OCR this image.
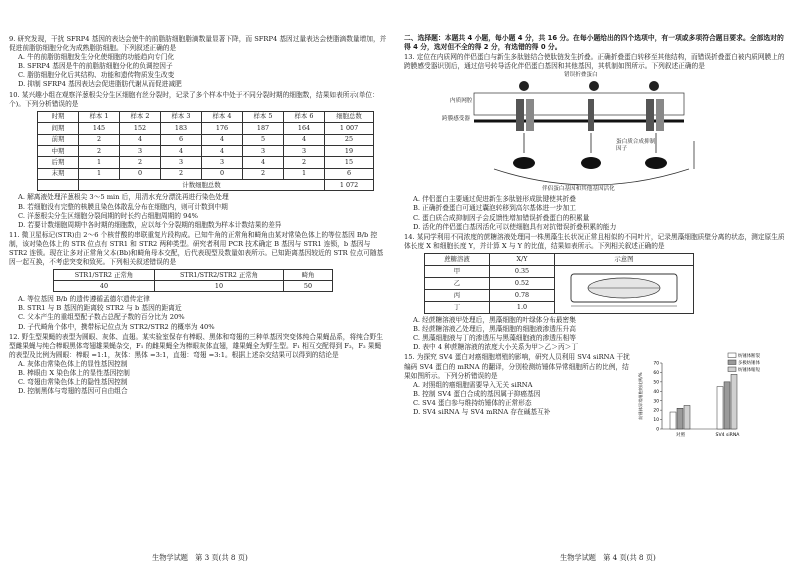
9. 研究发现，干扰 SFRP4 基因的表达会使牛的前脂肪细胞脂滴数量显著下降，而 SFRP4 基因过量表达会使脂滴数量增加，并促进前脂肪细胞分化为成熟脂肪细胞。下列叙述正确的是

A. 牛的前脂肪细胞发生分化使细胞的功能趋向专门化

B. SFRP4 基因是牛的前脂肪细胞分化的负调控因子

C. 脂肪细胞分化后其结构、功能和遗传物质发生改变

D. 抑制 SFRP4 基因表达会促进脂肪代谢从而促进减肥

10. 某兴趣小组在观察洋葱根尖分生区细胞有丝分裂时，记录了多个样本中处于不同分裂时期的细胞数，结果如表所示(单位：个)。下列分析错误的是

时期	样本 1	样本 2	样本 3	样本 4	样本 5	样本 6	细胞总数
间期	145	152	183	176	187	164	1 007
前期	2	4	6	4	5	4	25
中期	2	3	4	4	3	3	19
后期	1	2	3	3	4	2	15
末期	1	0	2	0	2	1	6
	计数细胞总数						1 072

A. 解离液处理洋葱根尖 3～5 min 后，用清水充分漂洗再进行染色处理

B. 若细胞没有完整的核膜且染色体散乱分布在细胞内，则可计数到中期

C. 洋葱根尖分生区细胞分裂间期的时长约占细胞周期的 94%

D. 若要计数细胞周期中各时期的细胞数，应以每个分裂期的细胞数为样本计数结果的差异

11. 微卫星标记(STR)由 2～6 个核苷酸的串联重复片段构成。已知牛角的正常角和畸角由某对常染色体上的等位基因 B/b 控制，该对染色体上的 STR 位点有 STR1 和 STR2 两种类型。研究者利用 PCR 技术确定 B 基因与 STR1 连锁，b 基因与 STR2 连锁。现在让多对正常角父本(Bb)和畸角母本交配，后代表现型及数量如表所示。已知距离基因较近的 STR 位点可随基因一起互换，不考虑突变和致死。下列相关叙述错误的是

STR1/STR2 正常角	STR1/STR2/STR2 正常角	畸角
40	10	50

A. 等位基因 B/b 的遗传遵循孟德尔遗传定律

B. STR1 与 B 基因的距离较 STR2 与 b 基因的距离近

C. 父本产生的重组型配子数占总配子数的百分比为 20%

D. 子代畸角个体中，携带标记位点为 STR2/STR2 的概率为 40%

12. 野生型果蝇的表型为圆眼、灰体、直翅。某实验室保存有棒眼、黑体和弯翅的三种单基因突变体纯合果蝇品系，将纯合野生型雌果蝇与纯合棒眼黑体弯翅雄果蝇杂交，F₁ 的雌果蝇全为棒眼灰体直翅，雄果蝇全为野生型。F₁ 相互交配得到 F₂，F₂ 果蝇的表型及比例为圆眼：棒眼 =1:1，灰体：黑体 =3:1，直翅：弯翅 =3:1。根据上述杂交结果可以得到的结论是

A. 灰体由常染色体上的显性基因控制

B. 棒眼由 X 染色体上的显性基因控制

C. 弯翅由常染色体上的隐性基因控制

D. 控制黑体与弯翅的基因可自由组合

二、选择题：本题共 4 小题，每小题 4 分，共 16 分。在每小题给出的四个选项中，有一项或多项符合题目要求。全部选对的得 4 分，选对但不全的得 2 分，有选错的得 0 分。

13. 定位在内质网的伴侣蛋白与新生多肽链结合使肽链发生折叠。正确折叠蛋白转移至其他结构，而错误折叠蛋白被内质网膜上的跨膜感受器识别后，通过信号转导活化伴侣蛋白基因和其他基因，其机制如图所示。下列叙述正确的是

错误折叠蛋白
内质网腔
跨膜感受器
蛋白质合成抑制因子
伴侣蛋白基因和其他基因活化

A. 伴侣蛋白主要通过促进新生多肽链形成肽键使其折叠

B. 正确折叠蛋白可通过囊泡转移到高尔基体进一步加工

C. 蛋白质合成抑制因子会反馈性增加错误折叠蛋白的积累量

D. 活化的伴侣蛋白基因活化可以使细胞具有对抗错误折叠积累的能力

14. 某同学利用不同浓度的蔗糖溶液处理同一株黑藻生长状况正常且相似的不同叶片，记录黑藻细胞质壁分离的状态，测定原生质体长度 X 和细胞长度 Y，并计算 X 与 Y 的比值，结果如表所示。下列相关叙述正确的是

蔗糖溶液	X/Y	示意图
甲	0.35	
乙	0.52	
丙	0.78	
丁	1.0	

A. 经蔗糖溶液甲处理后，黑藻细胞的叶绿体分布最密集

B. 经蔗糖溶液乙处理后，黑藻细胞的细胞液渗透压升高

C. 黑藻细胞液与丁的渗透压与黑藻细胞液的渗透压相等

D. 表中 4 种蔗糖溶液的浓度大小关系为甲＞乙＞丙＞丁

15. 为探究 SV4 蛋白对癌细胞增殖的影响，研究人员利用 SV4 siRNA 干扰编码 SV4 蛋白的 mRNA 的翻译，分别检测纺锤体异常细胞所占的比例，结果如图所示。下列分析错误的是

A. 对照组的癌细胞需要导入无关 siRNA

B. 控制 SV4 蛋白合成的基因属于抑癌基因

C. SV4 蛋白参与维持纺锤体的正常形态

D. SV4 siRNA 与 SV4 mRNA 存在碱基互补

0
10
20
30
40
50
60
70
纺锤体异常细胞的比例/%
对照	SV4 siRNA
纺锤体断裂
多极纺锤体
纺锤体缩短
生物学试题　第 3 页(共 8 页)	生物学试题　第 4 页(共 8 页)
